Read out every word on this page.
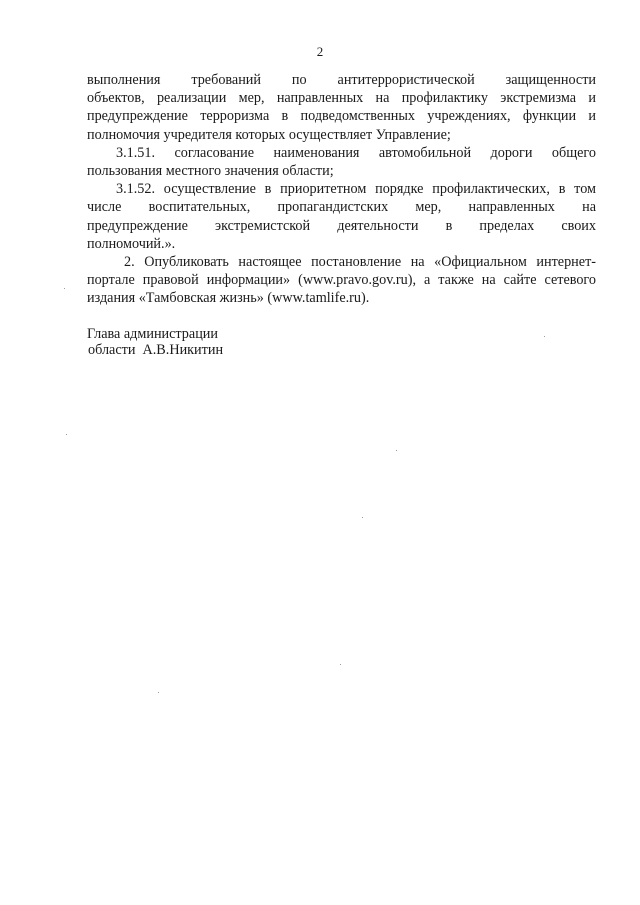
2
выполнения требований по антитеррористической защищенности
объектов, реализации мер, направленных на профилактику экстремизма и
предупреждение терроризма в подведомственных учреждениях, функции и
полномочия учредителя которых осуществляет Управление;
3.1.51. согласование наименования автомобильной дороги общего
пользования местного значения области;
3.1.52. осуществление в приоритетном порядке профилактических, в том
числе воспитательных, пропагандистских мер, направленных на
предупреждение экстремистской деятельности в пределах своих
полномочий.».
2. Опубликовать настоящее постановление на «Официальном интернет-
портале правовой информации» (www.pravo.gov.ru), а также на сайте сетевого
издания «Тамбовская жизнь» (www.tamlife.ru).
Глава администрации
области  А.В.Никитин
